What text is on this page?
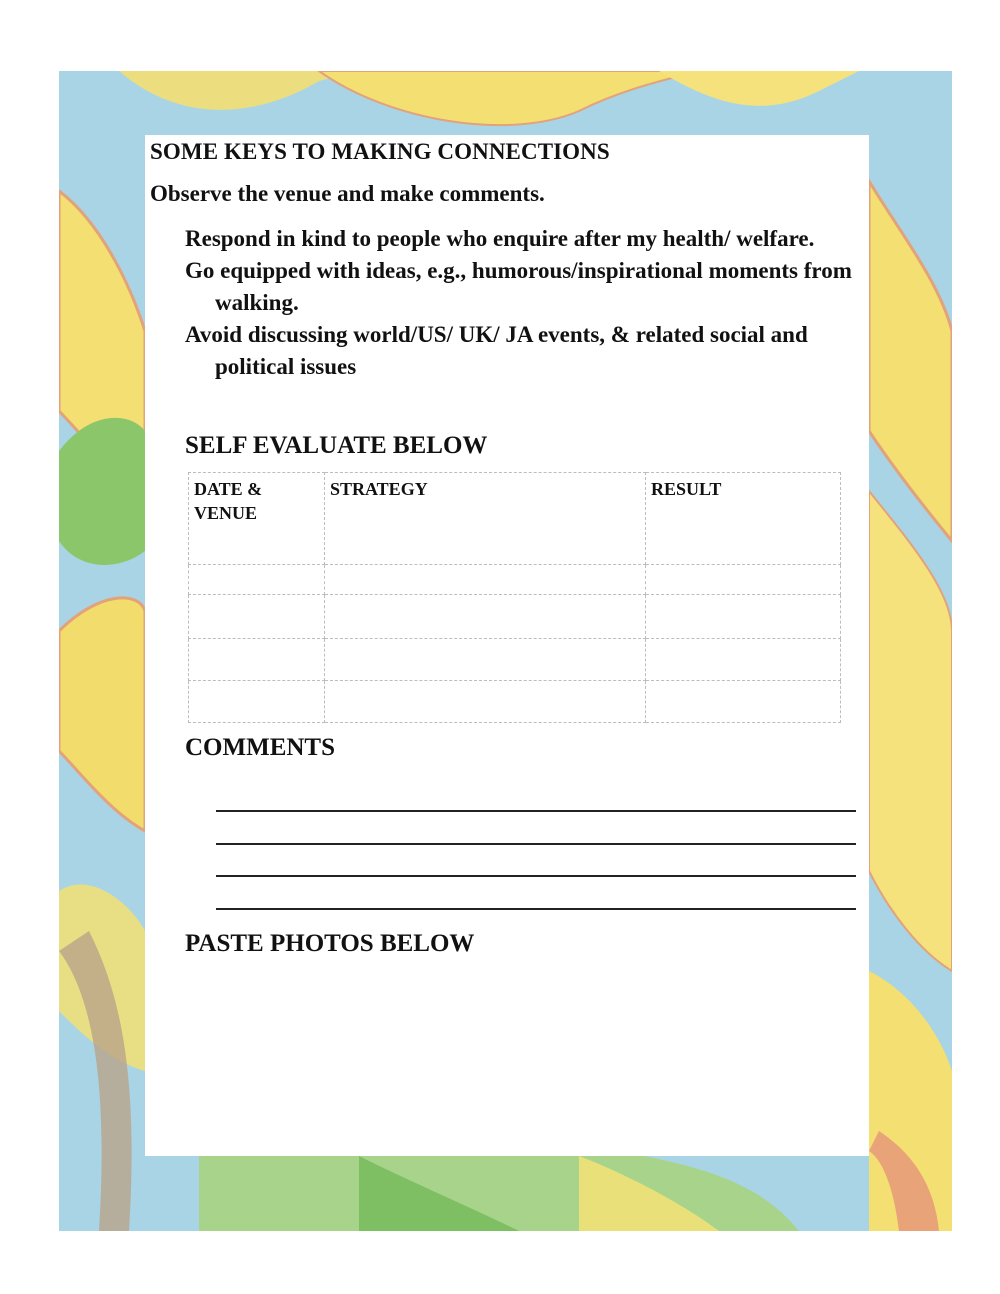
SOME KEYS TO MAKING CONNECTIONS

Observe the venue and make comments.

Respond in kind to people who enquire after my health/ welfare.
Go equipped with ideas, e.g., humorous/inspirational moments from walking.
Avoid discussing world/US/ UK/ JA events, & related social and political issues
SELF EVALUATE BELOW
DATE & VENUE	STRATEGY	RESULT

COMMENTS
PASTE PHOTOS BELOW
